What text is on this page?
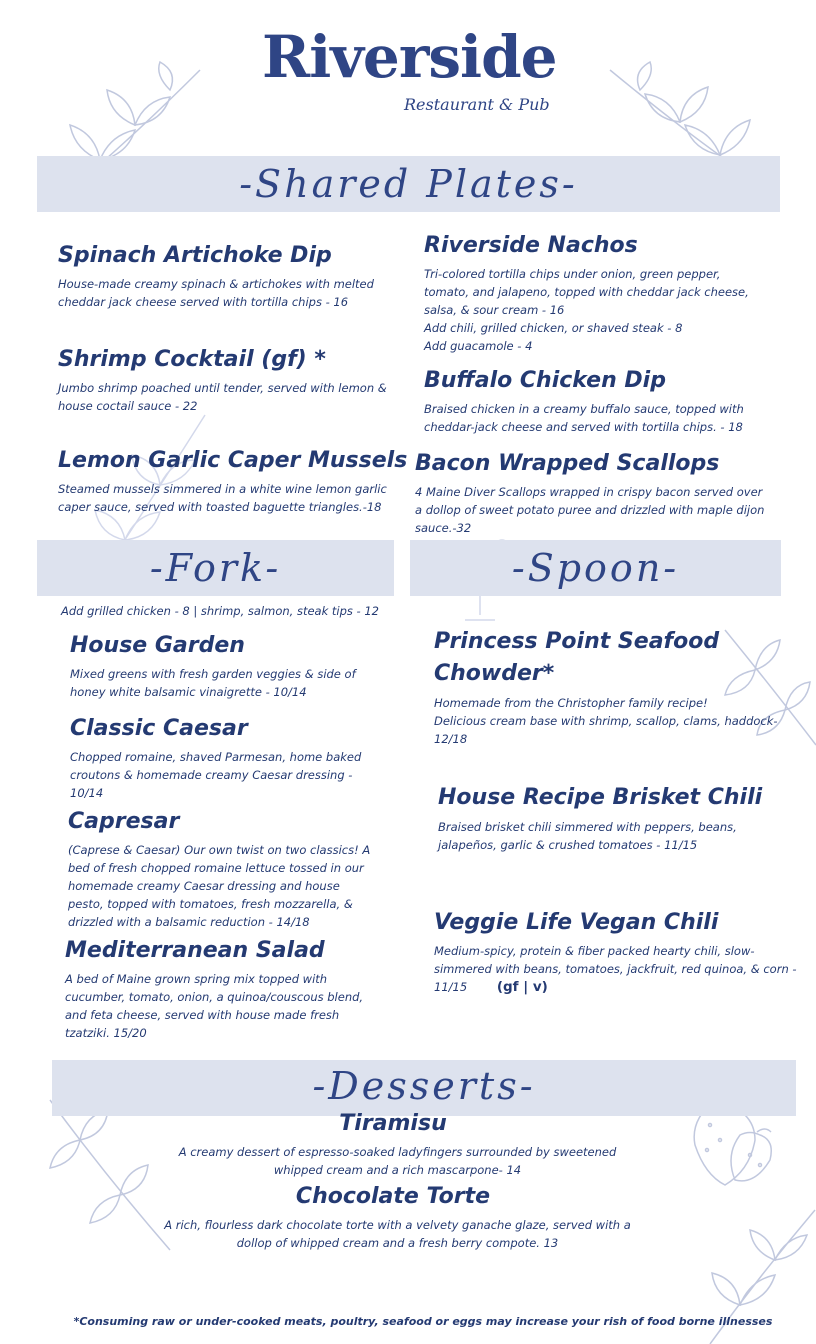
Riverside
Restaurant & Pub
-Shared Plates-
Spinach Artichoke Dip
House-made creamy spinach & artichokes with melted cheddar jack cheese served with tortilla chips - 16
Shrimp Cocktail (gf) *
Jumbo shrimp poached until tender, served with lemon & house coctail sauce - 22
Lemon Garlic Caper Mussels
Steamed mussels simmered in a white wine lemon garlic caper sauce, served with toasted baguette triangles.-18
Riverside Nachos
Tri-colored tortilla chips under onion, green pepper, tomato, and jalapeno, topped with cheddar jack cheese, salsa, & sour cream - 16
Add chili, grilled chicken, or shaved steak - 8
Add guacamole - 4
Buffalo Chicken Dip
Braised chicken in a creamy buffalo sauce, topped with cheddar-jack cheese and served with tortilla chips. - 18
Bacon Wrapped Scallops
4 Maine Diver Scallops wrapped in crispy bacon served over a dollop of sweet potato puree and drizzled with maple dijon sauce.-32
-Fork-	-Spoon-
Add grilled chicken - 8 | shrimp, salmon, steak tips - 12
House Garden
Mixed greens with fresh garden veggies & side of honey white balsamic vinaigrette - 10/14
Classic Caesar
Chopped romaine, shaved Parmesan, home baked croutons & homemade creamy Caesar dressing - 10/14
Capresar
(Caprese & Caesar) Our own twist on two classics! A bed of fresh chopped romaine lettuce tossed in our homemade creamy Caesar dressing and house pesto, topped with tomatoes, fresh mozzarella, & drizzled with a balsamic reduction - 14/18
Mediterranean Salad
A bed of Maine grown spring mix topped with cucumber, tomato, onion, a quinoa/couscous blend, and feta cheese, served with house made fresh tzatziki. 15/20
Princess Point Seafood
Chowder*
Homemade from the Christopher family recipe!
Delicious cream base with shrimp, scallop, clams, haddock-
12/18
House Recipe Brisket Chili
Braised brisket chili simmered with peppers, beans, jalapeños, garlic & crushed tomatoes - 11/15
Veggie Life Vegan Chili
Medium-spicy, protein & fiber packed hearty chili, slow-simmered with beans, tomatoes, jackfruit, red quinoa, & corn - 11/15 (gf | v)
-Desserts-
Tiramisu
A creamy dessert of espresso-soaked ladyfingers surrounded by sweetened whipped cream and a rich mascarpone- 14
Chocolate Torte
A rich, flourless dark chocolate torte with a velvety ganache glaze, served with a dollop of whipped cream and a fresh berry compote. 13
*Consuming raw or under-cooked meats, poultry, seafood or eggs may increase your rish of food borne illnesses
